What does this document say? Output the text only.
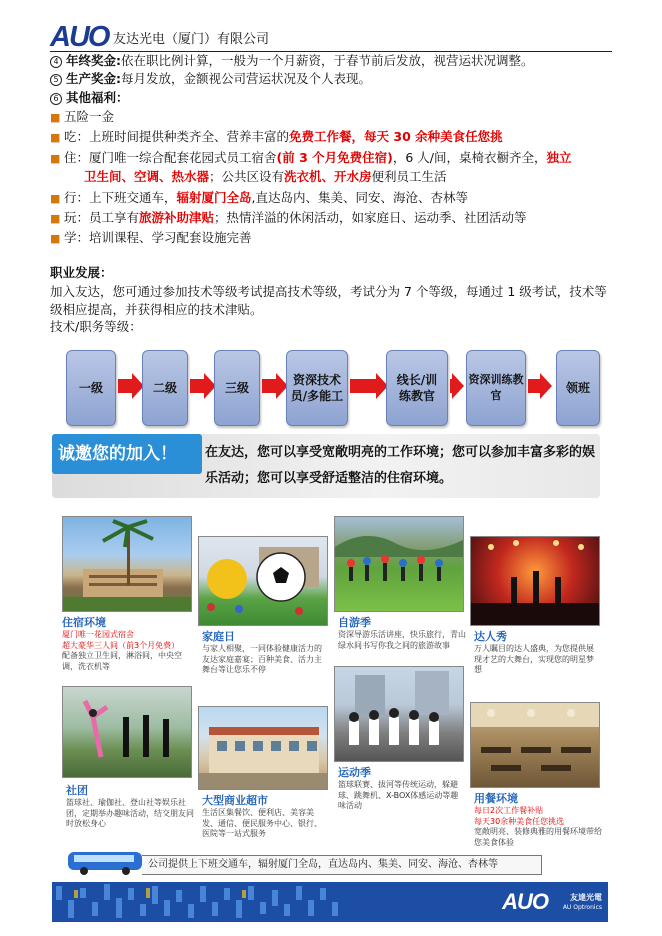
AUO 友达光电（厦门）有限公司
4 年终奖金:依在职比例计算，一般为一个月薪资，于春节前后发放，视营运状况调整。
5 生产奖金:每月发放，金额视公司营运状况及个人表现。
6 其他福利：
■ 五险一金
■ 吃：上班时间提供种类齐全、营养丰富的免费工作餐，每天 30 余种美食任您挑
■ 住：厦门唯一综合配套花园式员工宿舍(前 3 个月免费住宿)，6 人/间，桌椅衣橱齐全，独立
卫生间、空调、热水器；公共区设有洗衣机、开水房便利员工生活
■ 行：上下班交通车，辐射厦门全岛,直达岛内、集美、同安、海沧、杏林等
■ 玩：员工享有旅游补助津贴；热情洋溢的休闲活动，如家庭日、运动季、社团活动等
■ 学：培训课程、学习配套设施完善
职业发展：
加入友达，您可通过参加技术等级考试提高技术等级，考试分为 7 个等级，每通过 1 级考试，技术等级相应提高，并获得相应的技术津贴。
技术/职务等级：
一级	二级	三级
资深技术员/多能工
线长/训练教官
资深训练教官
领班
诚邀您的加入！	在友达，您可以享受宽敞明亮的工作环境；您可以参加丰富多彩的娱乐活动；您可以享受舒适整洁的住宿环境。
住宿环境
厦门唯一花园式宿舍
超大豪华三人间（前3个月免费）
配备独立卫生间，淋浴间，中央空调，洗衣机等
家庭日
与家人相聚，一同体验健康活力的友达家庭嘉宴；百种美食、活力主舞台等让您乐不停
自游季
资深导游乐活讲座，快乐旅行，青山绿水间书写你我之间的旅游故事
达人秀
万人瞩目的达人盛典，为您提供展现才艺的大舞台，实现您的明星梦想
社团
篮球社、瑜伽社、登山社等娱乐社团，定期举办趣味活动，结交朋友同时放松身心
大型商业超市
生活区集餐饮、便利店、美容美发、通信、便民服务中心、银行、医院等一站式服务
运动季
篮球联赛、拔河等传统运动，躲避球、跳舞机、X-BOX体感运动等趣味活动
用餐环境
每日2次工作餐补贴
每天30余种美食任您挑选
宽敞明亮、装修典雅的用餐环境带给您美食体验
公司提供上下班交通车，辐射厦门全岛，直达岛内、集美、同安、海沧、杏林等
AUO	友達光電
AU Optronics
